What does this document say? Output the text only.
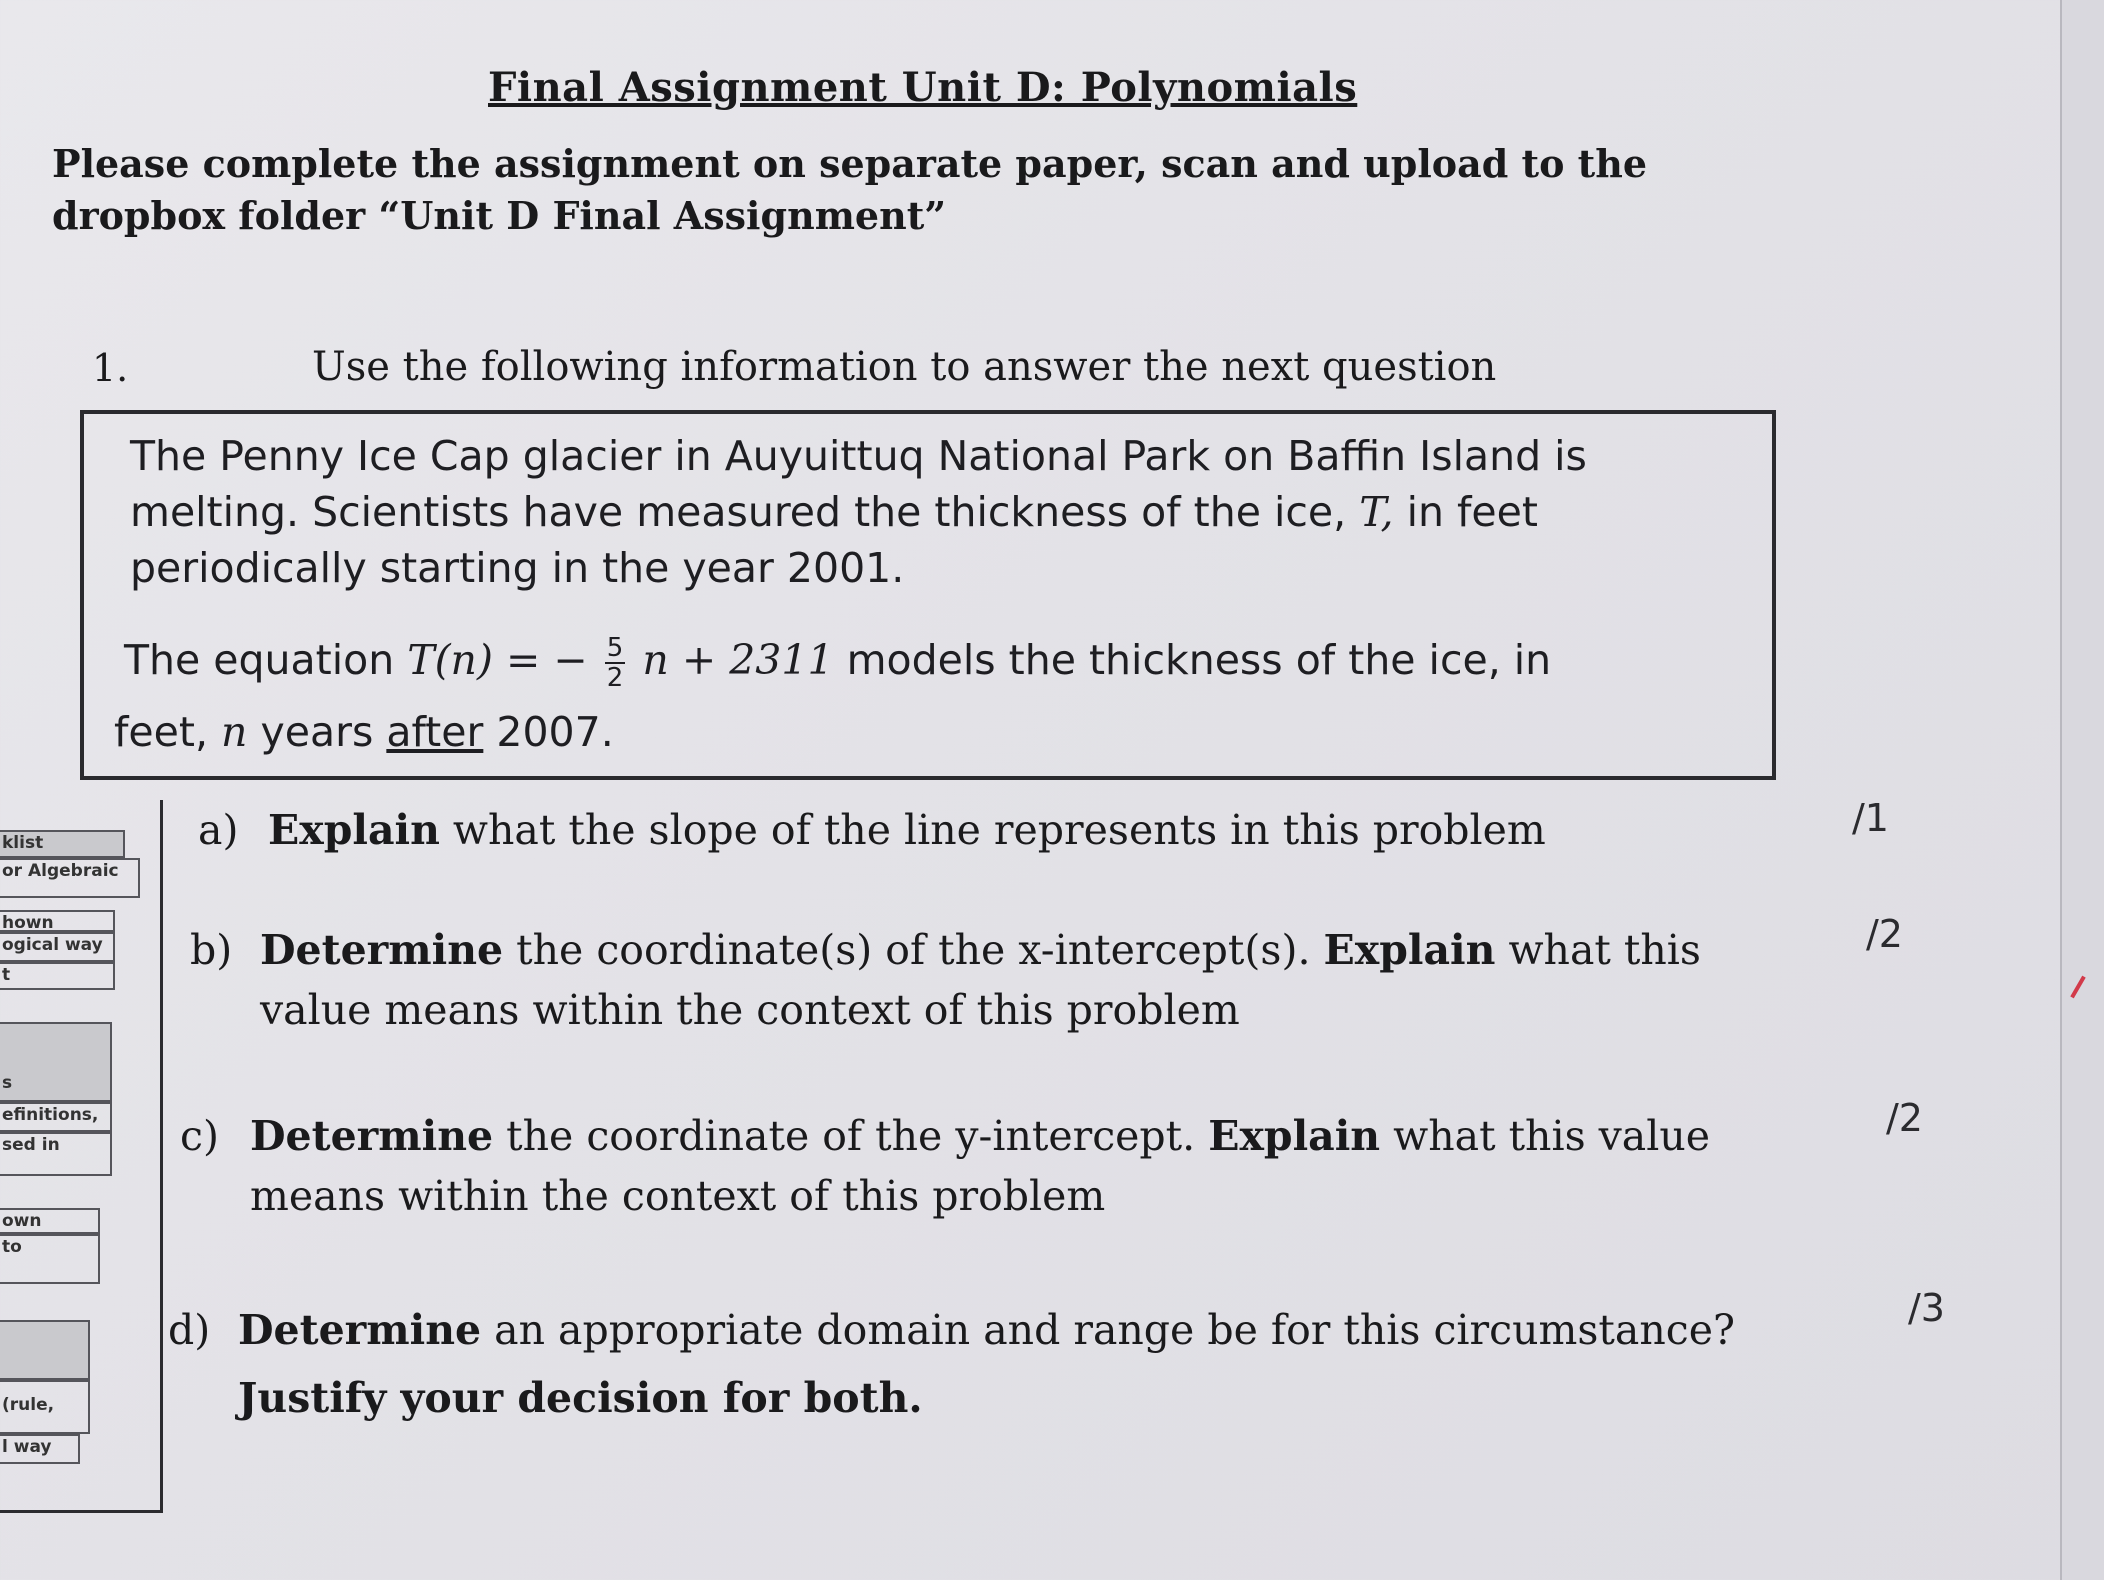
klist
or Algebraic
hown
ogical way
t
s
efinitions,
sed in
own
to
(rule,
l way
Final Assignment Unit D: Polynomials
Please complete the assignment on separate paper, scan and upload to the
dropbox folder “Unit D Final Assignment”
1.	Use the following information to answer the next question
The Penny Ice Cap glacier in Auyuittuq National Park on Baffin Island is
melting. Scientists have measured the thickness of the ice, T, in feet
periodically starting in the year 2001.
The equation T(n) = − $\frac{5}{2}$ n + 2311 models the thickness of the ice, in
feet, n years after 2007.
a) Explain what the slope of the line represents in this problem	/1
b) Determine the coordinate(s) of the x-intercept(s). Explain what this
value means within the context of this problem
/2
c) Determine the coordinate of the y-intercept. Explain what this value
means within the context of this problem
/2
d) Determine an appropriate domain and range be for this circumstance?
Justify your decision for both.
/3
